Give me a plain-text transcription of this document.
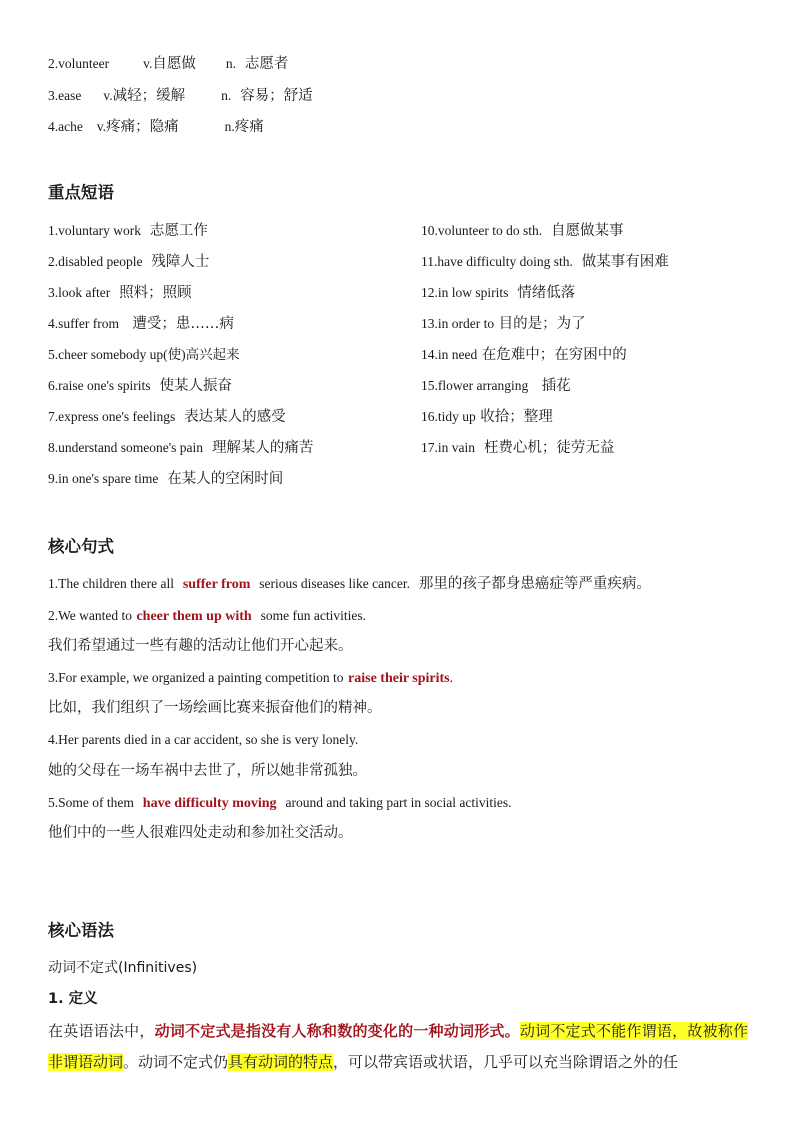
2.volunteer	v.自愿做 n. 志愿者
3.ease v.减轻；缓解	n. 容易；舒适
4.ache v.疼痛；隐痛	n.疼痛
重点短语
1.voluntary work 志愿工作
2.disabled people 残障人士
3.look after 照料；照顾
4.suffer from 遭受；患……病
5.cheer somebody up(使)高兴起来
6.raise one's spirits 使某人振奋
7.express one's feelings 表达某人的感受
8.understand someone's pain 理解某人的痛苦
9.in one's spare time 在某人的空闲时间
10.volunteer to do sth. 自愿做某事
11.have difficulty doing sth. 做某事有困难
12.in low spirits 情绪低落
13.in order to 目的是；为了
14.in need 在危难中；在穷困中的
15.flower arranging 插花
16.tidy up 收拾；整理
17.in vain 枉费心机；徒劳无益
核心句式
1.The children there all suffer from serious diseases like cancer. 那里的孩子都身患癌症等严重疾病。
2.We wanted to cheer them up with some fun activities.
我们希望通过一些有趣的活动让他们开心起来。
3.For example, we organized a painting competition to raise their spirits.
比如，我们组织了一场绘画比赛来振奋他们的精神。
4.Her parents died in a car accident, so she is very lonely.
她的父母在一场车祸中去世了，所以她非常孤独。
5.Some of them have difficulty moving around and taking part in social activities.
他们中的一些人很难四处走动和参加社交活动。
核心语法
动词不定式(Infinitives)
1. 定义
在英语语法中，动词不定式是指没有人称和数的变化的一种动词形式。动词不定式不能作谓语，故被称作非谓语动词。动词不定式仍具有动词的特点，可以带宾语或状语，几乎可以充当除谓语之外的任
